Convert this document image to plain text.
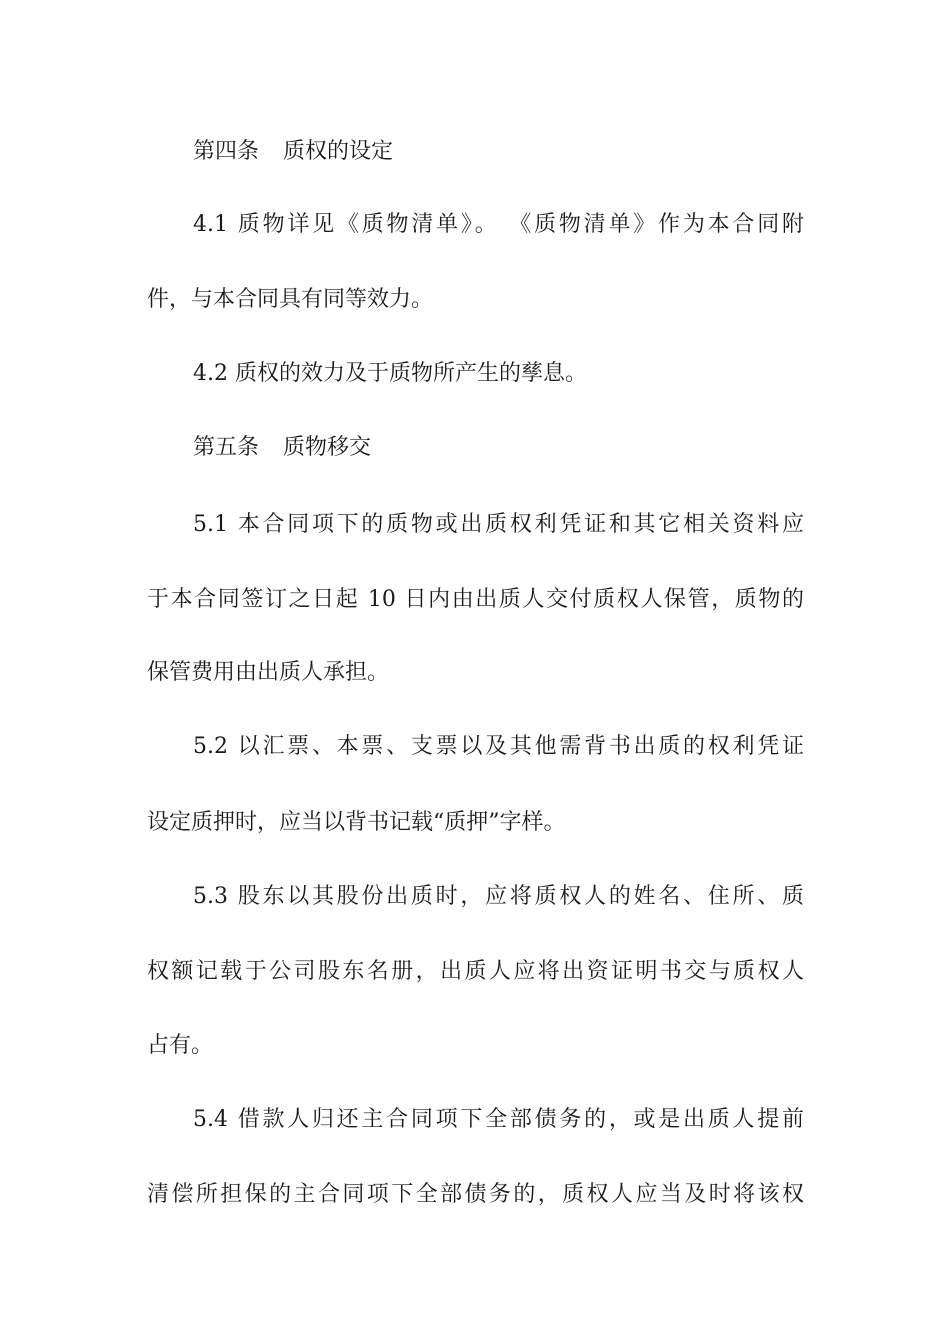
第四条 质权的设定
4.1 质物详见《质物清单》。 《质物清单》作为本合同附
件，与本合同具有同等效力。
4.2 质权的效力及于质物所产生的孳息。
第五条 质物移交
5.1 本合同项下的质物或出质权利凭证和其它相关资料应
于本合同签订之日起 10 日内由出质人交付质权人保管，质物的
保管费用由出质人承担。
5.2 以汇票、本票、支票以及其他需背书出质的权利凭证
设定质押时，应当以背书记载“质押”字样。
5.3 股东以其股份出质时，应将质权人的姓名、住所、质
权额记载于公司股东名册，出质人应将出资证明书交与质权人
占有。
5.4 借款人归还主合同项下全部债务的，或是出质人提前
清偿所担保的主合同项下全部债务的，质权人应当及时将该权
